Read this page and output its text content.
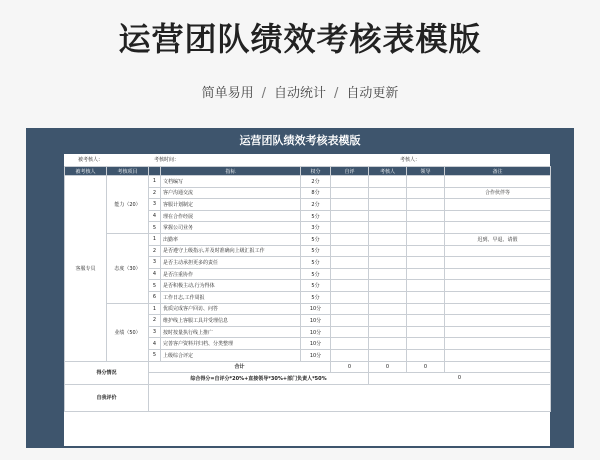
运营团队绩效考核表模版
简单易用 / 自动统计 / 自动更新
运营团队绩效考核表模版
被考核人：	考核时间：	考核人：
被考核人	考核项目		指标	权分	自评	考核人	领导	备注
客服专员	能力（20）	1	文档编写	2分				
		2	客户沟通交流	8分				合作伙伴等
		3	客服计划制定	2分				
		4	理在合作经展	5分				
		5	掌握公司业务	3分				
	态度（30）	1	出勤率	5分				迟到、早退、请假
		2	是否遵守上级指示,并及时准确向上级汇报工作	5分				
		3	是否主动承担更多的责任	5分				
		4	是否注重协作	5分				
		5	是否积极主动,行为得体	5分				
		6	工作日志,工作周报	5分				
	业绩（50）	1	优质完成客户回访、问答	10分				
		2	维护线上客服工具并受理信息	10分				
		3	按时按量执行线上推广	10分				
		4	完善客户资料并归档、分类整理	10分				
		5	上级综合评定	10分				
得分情况		合计			0	0	0	
		综合得分=自评分*20%+直接领导*30%+部门负责人*50%				0		
自我评价								
